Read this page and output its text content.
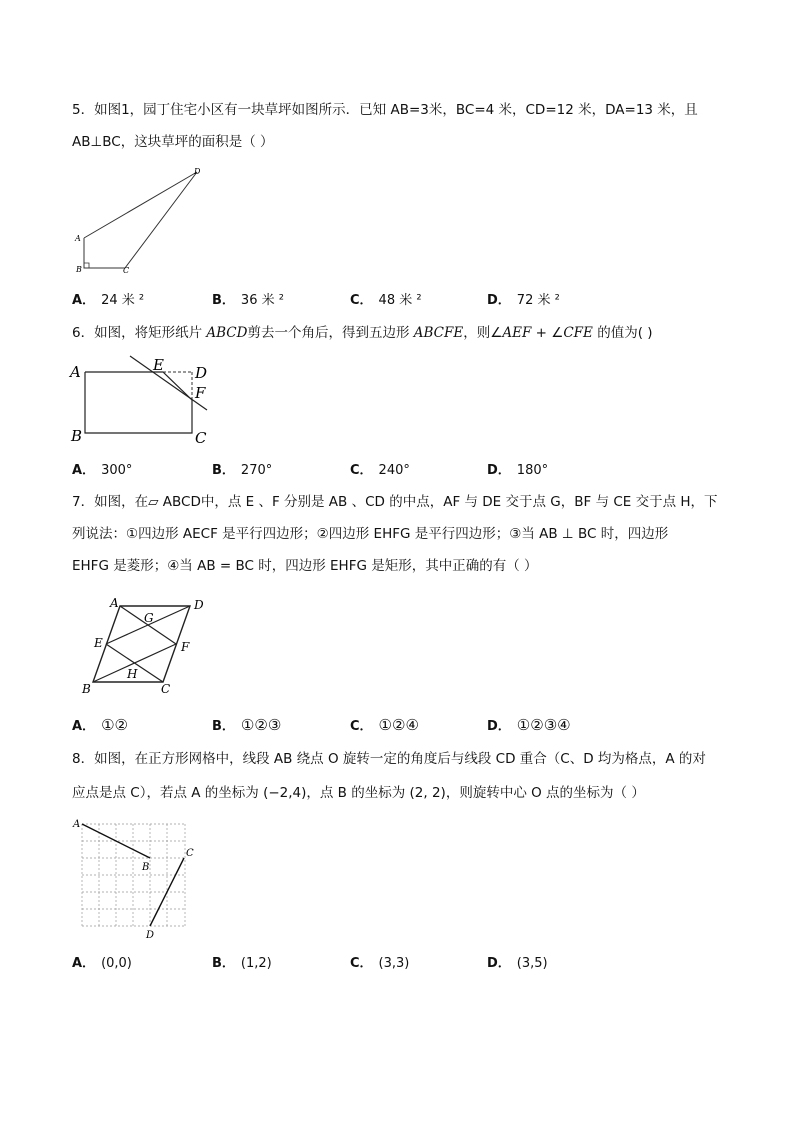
5．如图1，园丁住宅小区有一块草坪如图所示．已知 AB=3米，BC=4 米，CD=12 米，DA=13 米，且
AB⊥BC，这块草坪的面积是（ ）
A
B	C
D
A． 24 米 ²	B． 36 米 ²	C． 48 米 ²	D． 72 米 ²
6．如图，将矩形纸片 ABCD剪去一个角后，得到五边形 ABCFE，则∠AEF + ∠CFE 的值为( )
A
B	C
D
E
F
A． 300°	B． 270°	C． 240°	D． 180°
7．如图，在▱ ABCD中，点 E 、F 分别是 AB 、CD 的中点，AF 与 DE 交于点 G，BF 与 CE 交于点 H，下
列说法：①四边形 AECF 是平行四边形；②四边形 EHFG 是平行四边形；③当 AB ⊥ BC 时，四边形
EHFG 是菱形；④当 AB = BC 时，四边形 EHFG 是矩形，其中正确的有（ ）
A	D
G
E	F
H
B	C
A． ①②	B． ①②③	C． ①②④	D． ①②③④
8．如图，在正方形网格中，线段 AB 绕点 O 旋转一定的角度后与线段 CD 重合（C、D 均为格点，A 的对
应点是点 C），若点 A 的坐标为 (−2,4)，点 B 的坐标为 (2, 2)，则旋转中心 O 点的坐标为（ ）
A
B
C
D
A． (0,0)	B． (1,2)	C． (3,3)	D． (3,5)
